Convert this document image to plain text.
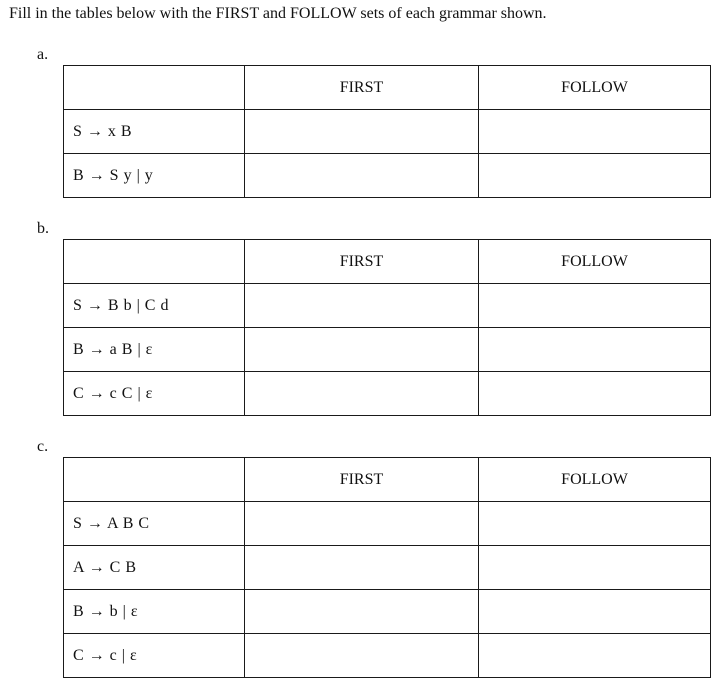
Fill in the tables below with the FIRST and FOLLOW sets of each grammar shown.
a.
	FIRST	FOLLOW
S → x B		
B → S y | y		
b.
	FIRST	FOLLOW
S → B b | C d		
B → a B | ε		
C → c C | ε		
c.
	FIRST	FOLLOW
S → A B C		
A → C B		
B → b | ε		
C → c | ε		
